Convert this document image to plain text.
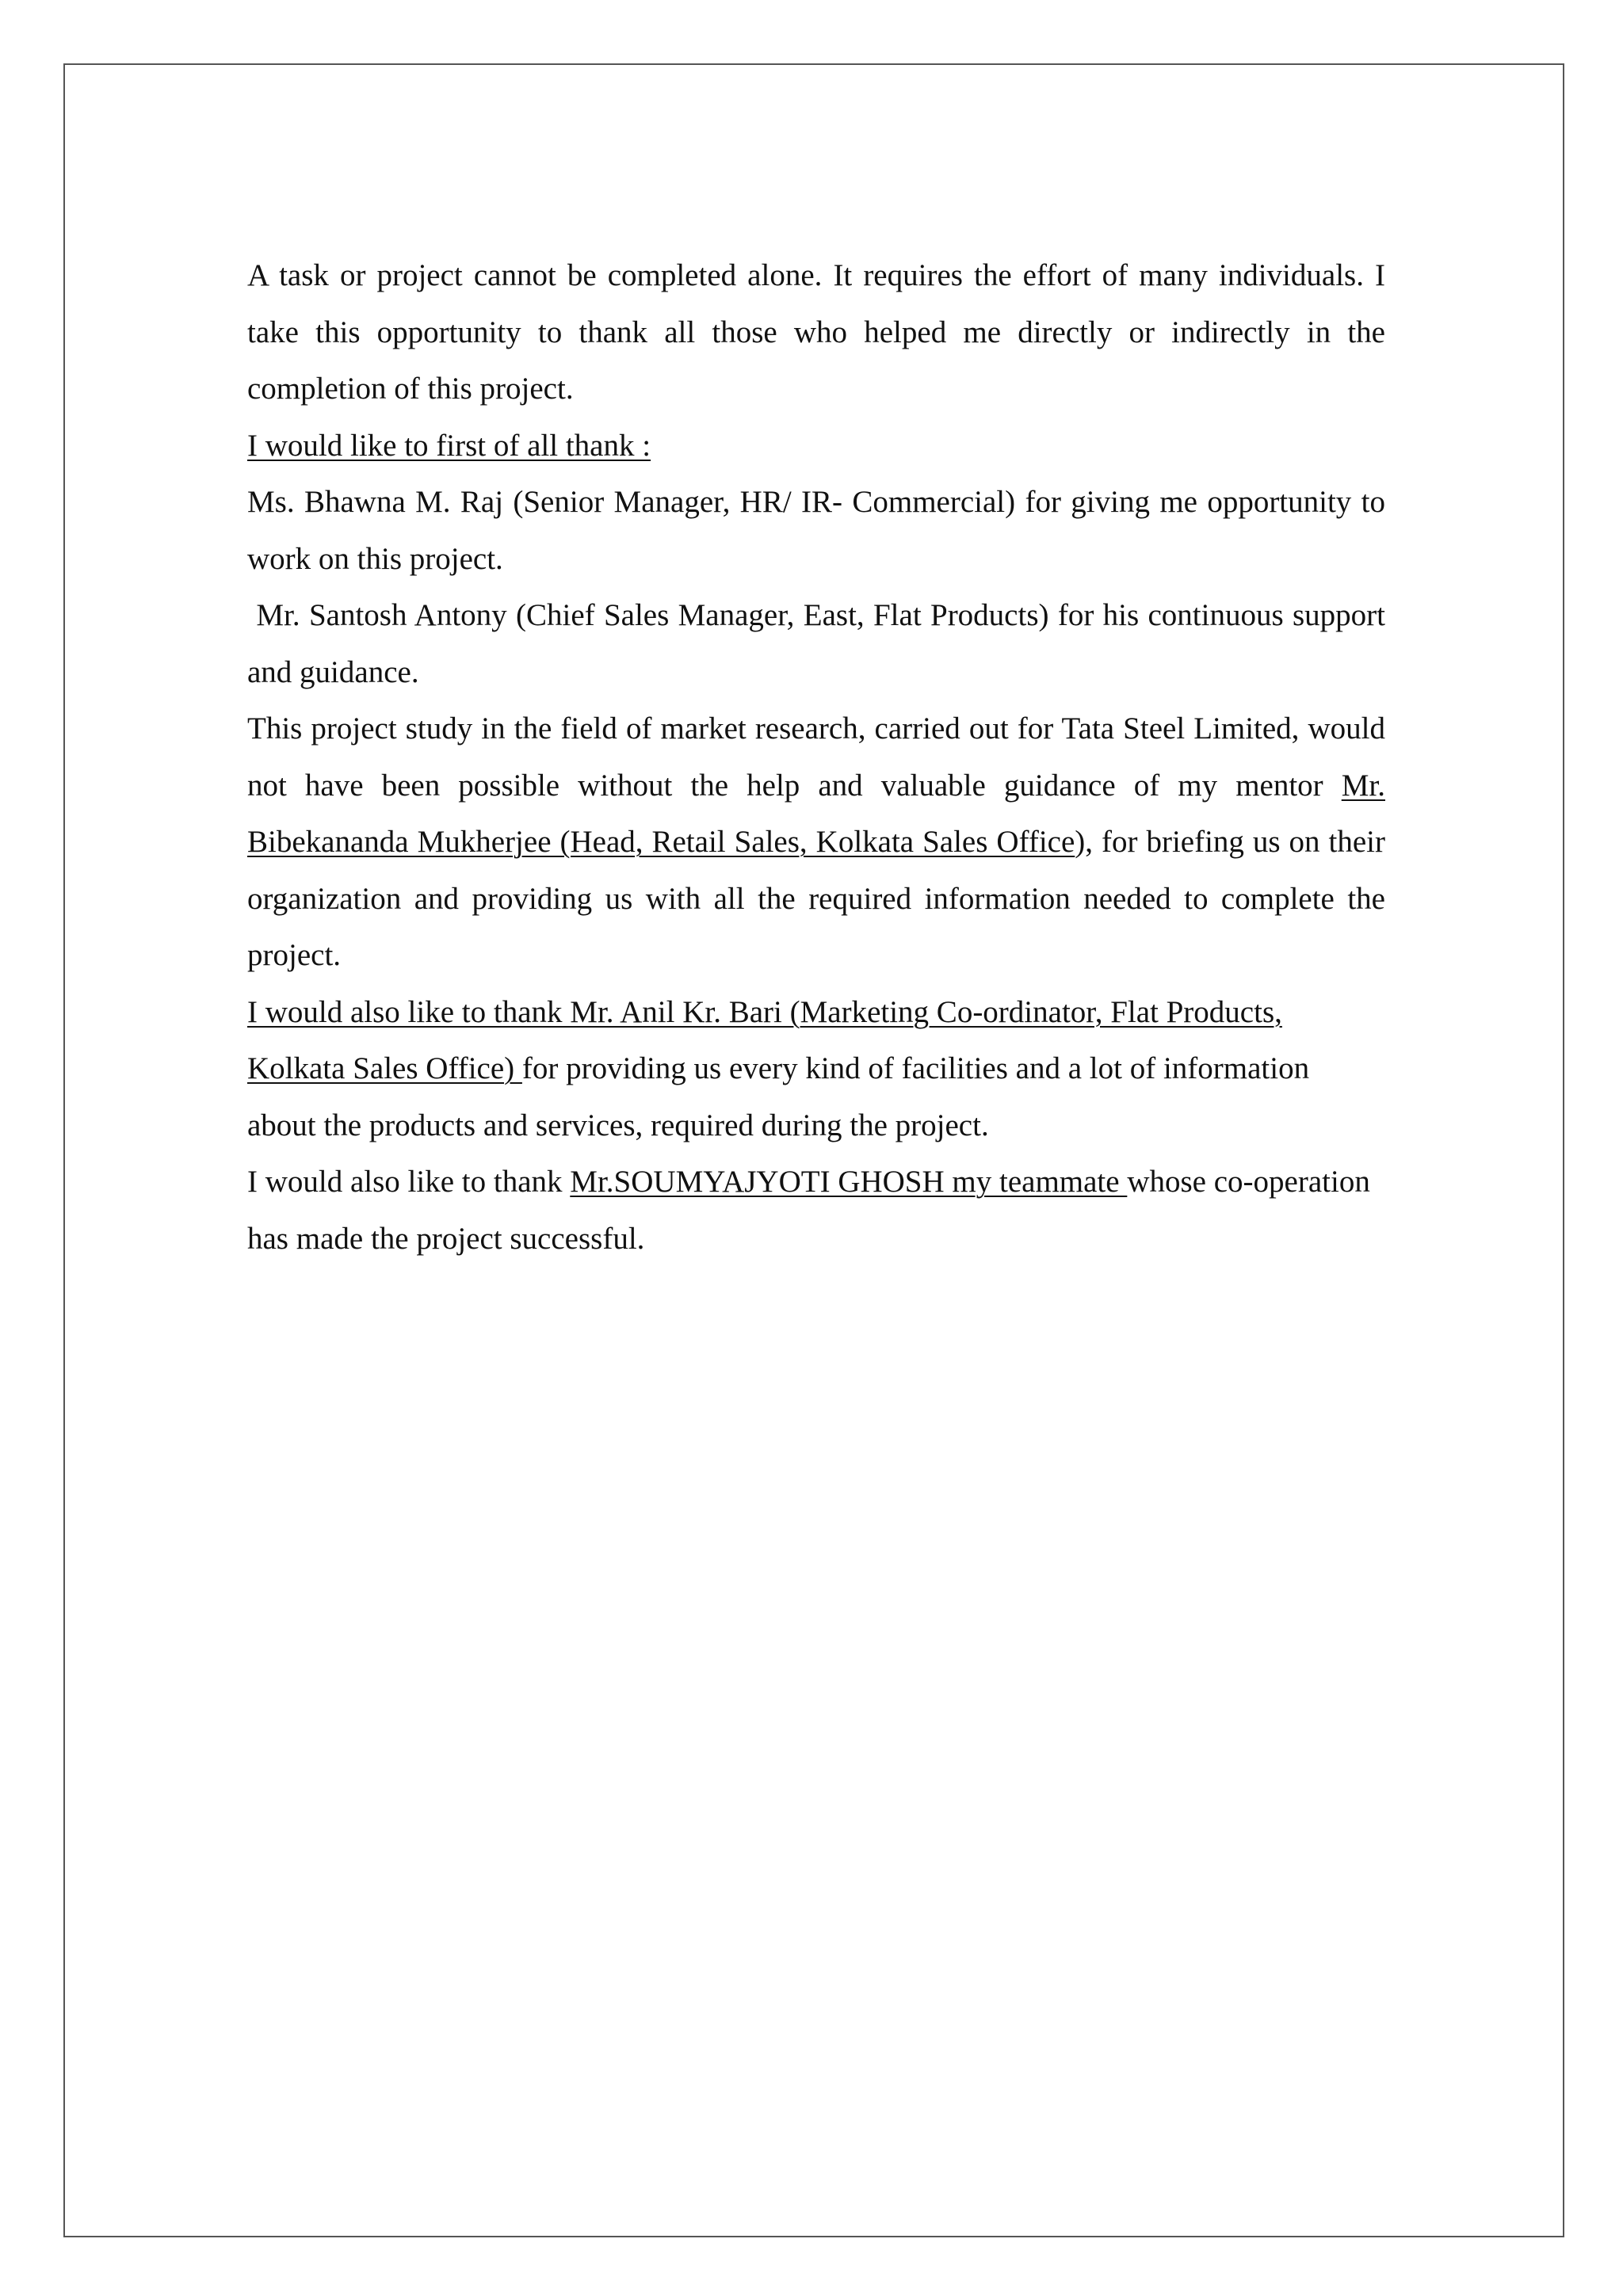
A task or project cannot be completed alone. It requires the effort of many individuals. I take this opportunity to thank all those who helped me directly or indirectly in the completion of this project.

I would like to first of all thank :

Ms. Bhawna M. Raj (Senior Manager, HR/ IR- Commercial) for giving me opportunity to work on this project.

Mr. Santosh Antony (Chief Sales Manager, East, Flat Products) for his continuous support and guidance.

This project study in the field of market research, carried out for Tata Steel Limited, would not have been possible without the help and valuable guidance of my mentor Mr. Bibekananda Mukherjee (Head, Retail Sales, Kolkata Sales Office), for briefing us on their organization and providing us with all the required information needed to complete the project.

I would also like to thank Mr. Anil Kr. Bari (Marketing Co-ordinator, Flat Products, Kolkata Sales Office) for providing us every kind of facilities and a lot of information about the products and services, required during the project.

I would also like to thank Mr.SOUMYAJYOTI GHOSH my teammate whose co-operation has made the project successful.
